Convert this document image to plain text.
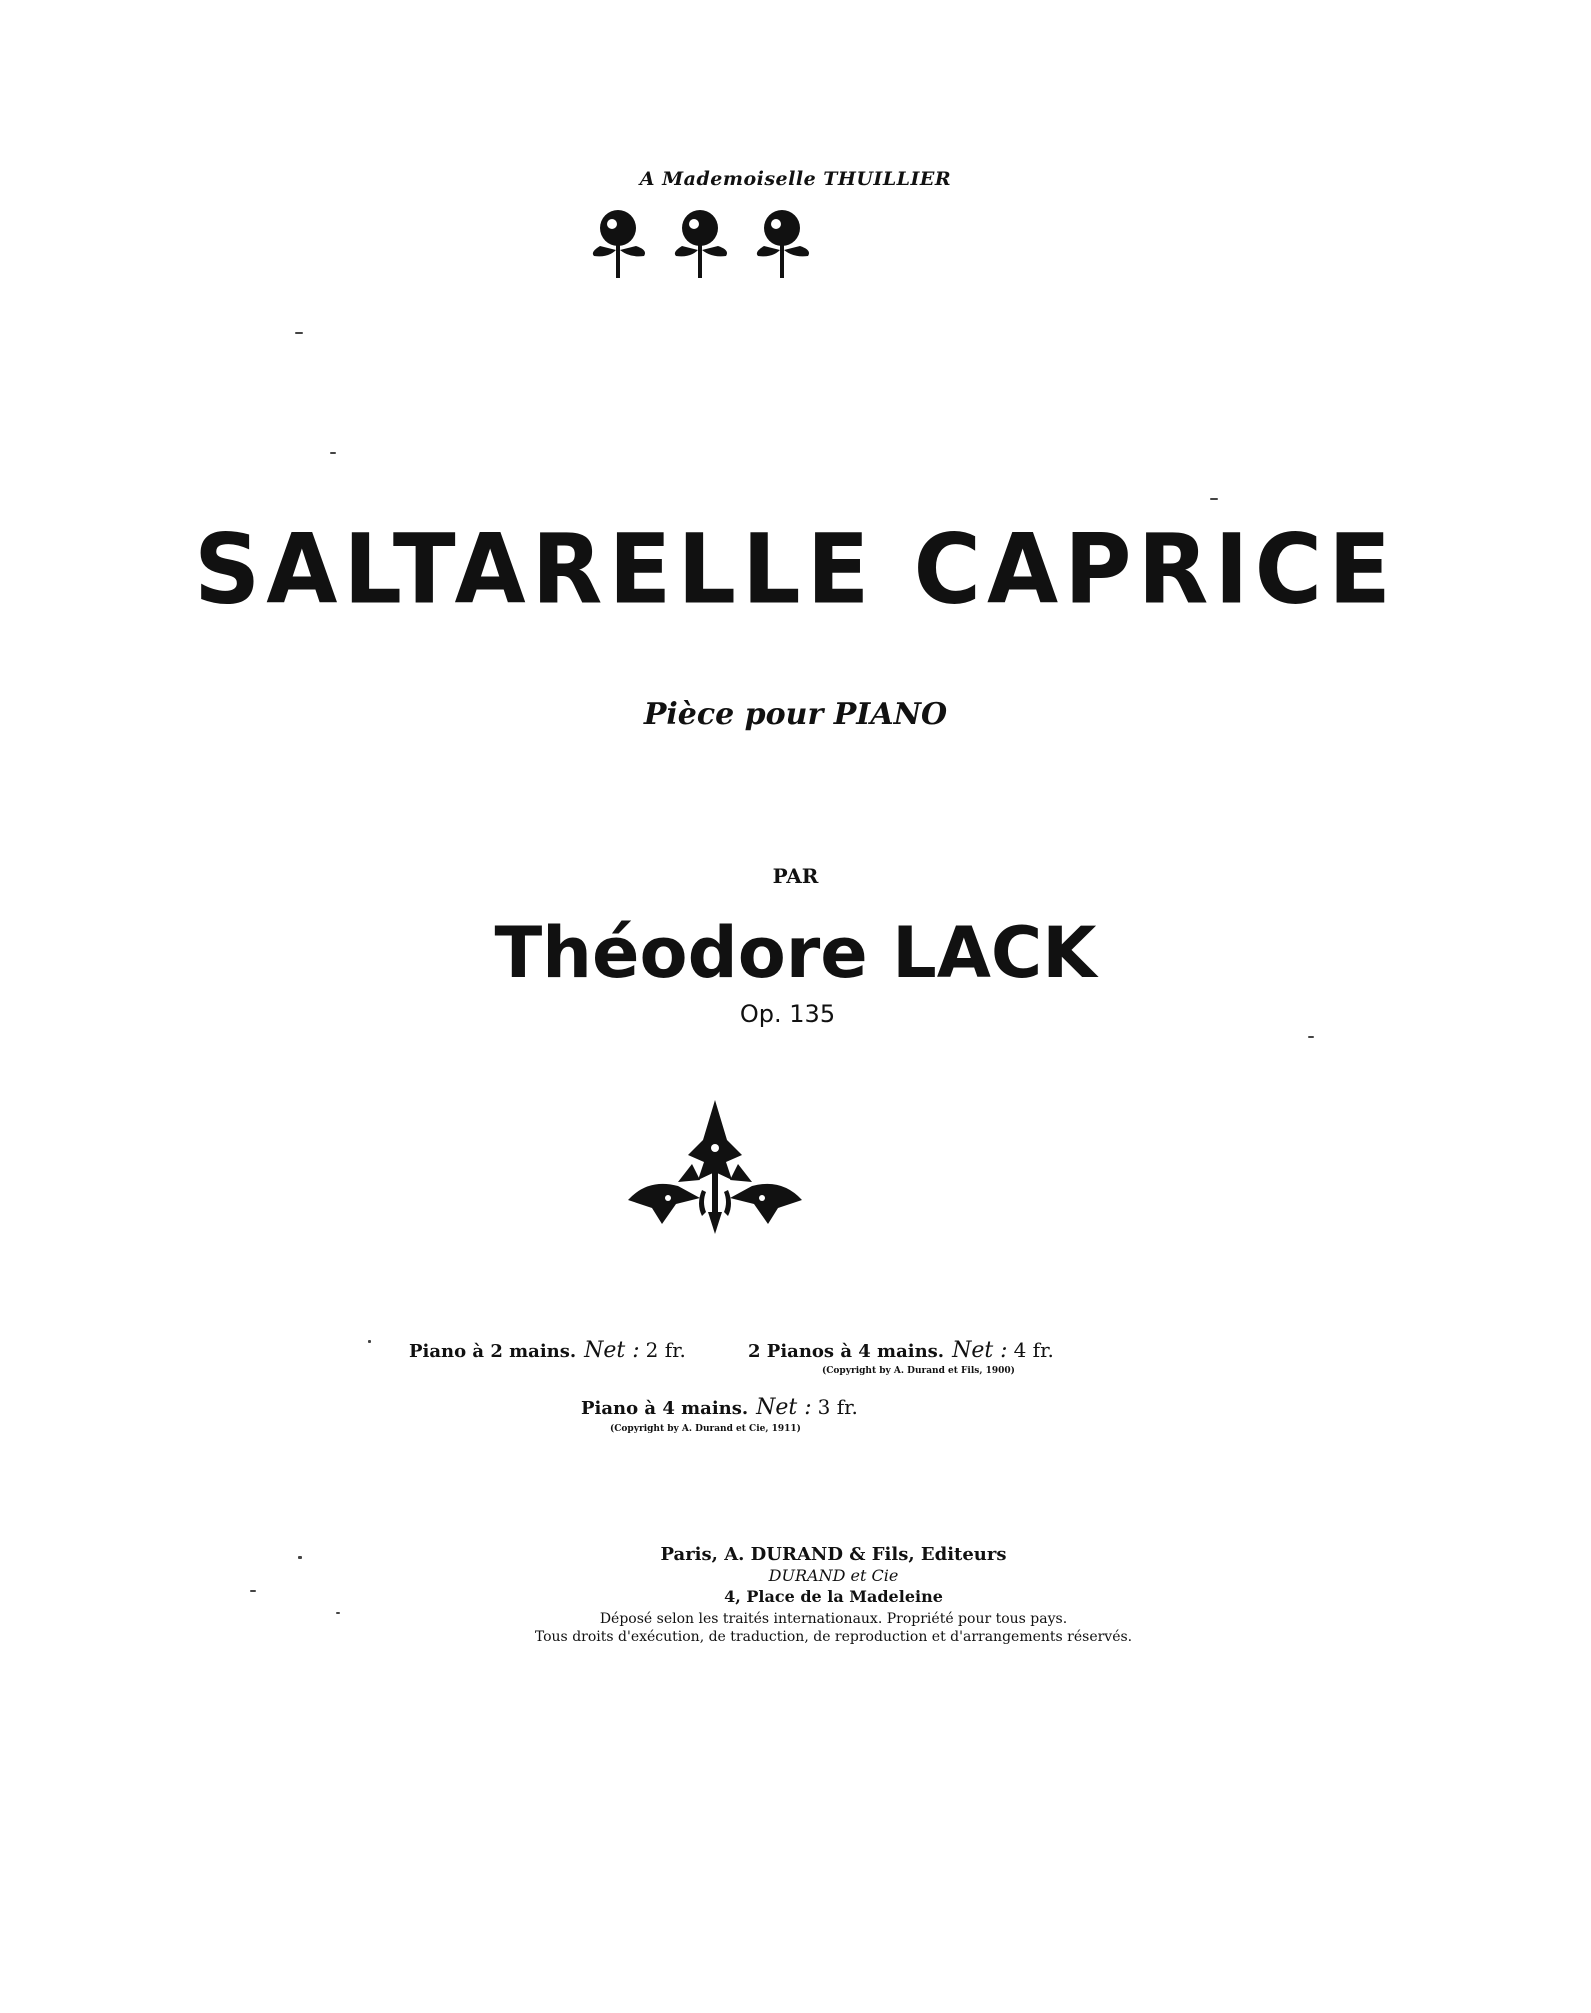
A Mademoiselle THUILLIER
SALTARELLE CAPRICE
Pièce pour PIANO
PAR
Théodore LACK
Op. 135
Piano à 2 mains. Net : 2 fr.	2 Pianos à 4 mains. Net : 4 fr.
(Copyright by A. Durand et Fils, 1900)
Piano à 4 mains. Net : 3 fr.
(Copyright by A. Durand et Cie, 1911)
Paris, A. DURAND & Fils, Editeurs
DURAND et Cie
4, Place de la Madeleine
Déposé selon les traités internationaux. Propriété pour tous pays.
Tous droits d'exécution, de traduction, de reproduction et d'arrangements réservés.
